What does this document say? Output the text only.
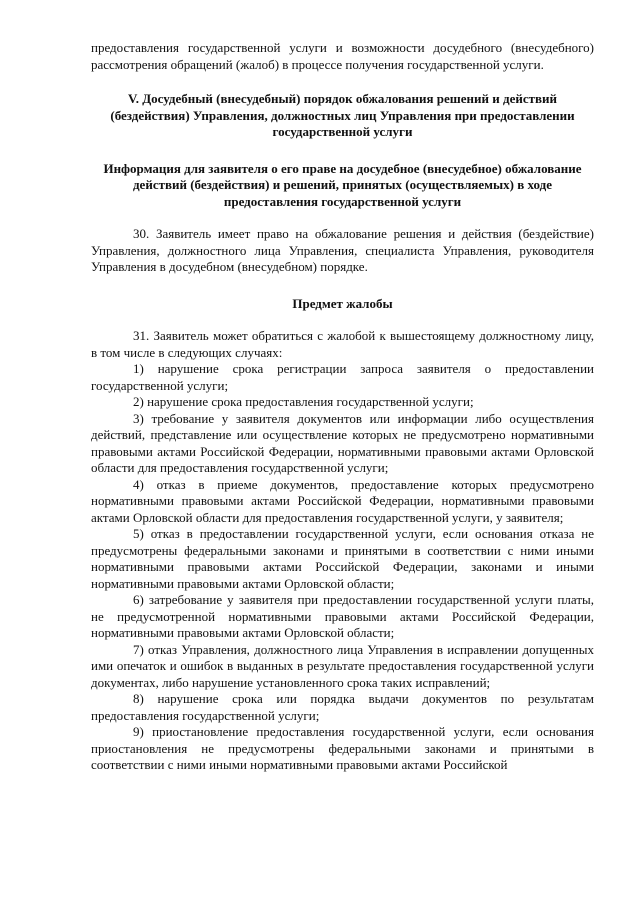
предоставления государственной услуги и возможности досудебного (внесудебного) рассмотрения обращений (жалоб) в процессе получения государственной услуги.

V. Досудебный (внесудебный) порядок обжалования решений и действий (бездействия) Управления, должностных лиц Управления при предоставлении государственной услуги

Информация для заявителя о его праве на досудебное (внесудебное) обжалование действий (бездействия) и решений, принятых (осуществляемых) в ходе предоставления государственной услуги

30. Заявитель имеет право на обжалование решения и действия (бездействие) Управления, должностного лица Управления, специалиста Управления, руководителя Управления в досудебном (внесудебном) порядке.

Предмет жалобы

31. Заявитель может обратиться с жалобой к вышестоящему должностному лицу, в том числе в следующих случаях:

1) нарушение срока регистрации запроса заявителя о предоставлении государственной услуги;

2) нарушение срока предоставления государственной услуги;

3) требование у заявителя документов или информации либо осуществления действий, представление или осуществление которых не предусмотрено нормативными правовыми актами Российской Федерации, нормативными правовыми актами Орловской области для предоставления государственной услуги;

4) отказ в приеме документов, предоставление которых предусмотрено нормативными правовыми актами Российской Федерации, нормативными правовыми актами Орловской области для предоставления государственной услуги, у заявителя;

5) отказ в предоставлении государственной услуги, если основания отказа не предусмотрены федеральными законами и принятыми в соответствии с ними иными нормативными правовыми актами Российской Федерации, законами и иными нормативными правовыми актами Орловской области;

6) затребование у заявителя при предоставлении государственной услуги платы, не предусмотренной нормативными правовыми актами Российской Федерации, нормативными правовыми актами Орловской области;

7) отказ Управления, должностного лица Управления в исправлении допущенных ими опечаток и ошибок в выданных в результате предоставления государственной услуги документах, либо нарушение установленного срока таких исправлений;

8) нарушение срока или порядка выдачи документов по результатам предоставления государственной услуги;

9) приостановление предоставления государственной услуги, если основания приостановления не предусмотрены федеральными законами и принятыми в соответствии с ними иными нормативными правовыми актами Российской
